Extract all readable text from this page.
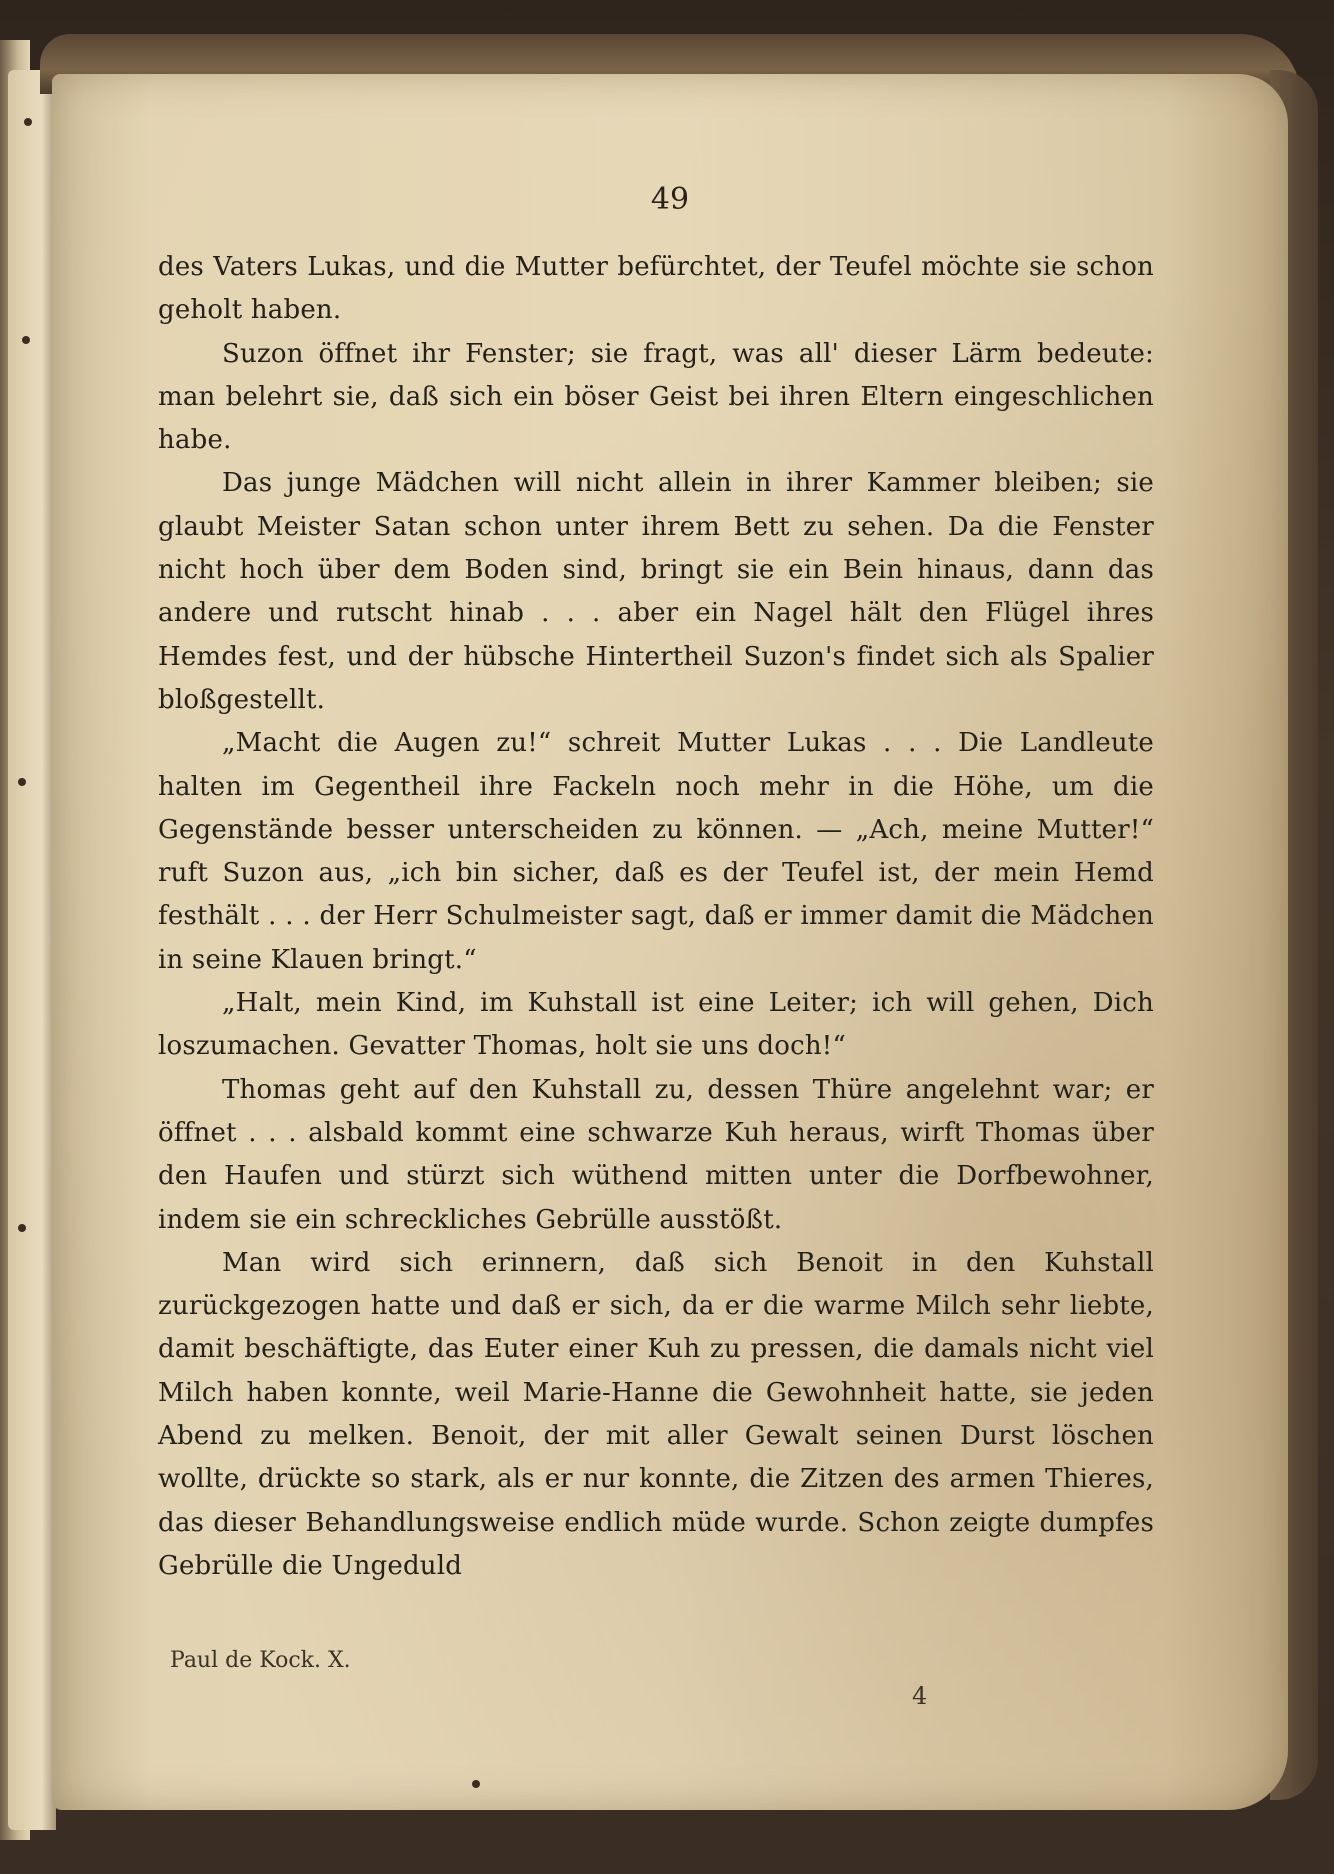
49

des Vaters Lukas, und die Mutter befürchtet, der Teufel möchte sie schon geholt haben.

Suzon öffnet ihr Fenster; sie fragt, was all' dieser Lärm bedeute: man belehrt sie, daß sich ein böser Geist bei ihren Eltern eingeschlichen habe.

Das junge Mädchen will nicht allein in ihrer Kammer bleiben; sie glaubt Meister Satan schon unter ihrem Bett zu sehen. Da die Fenster nicht hoch über dem Boden sind, bringt sie ein Bein hinaus, dann das andere und rutscht hinab . . . aber ein Nagel hält den Flügel ihres Hemdes fest, und der hübsche Hintertheil Suzon's findet sich als Spalier bloßgestellt.

„Macht die Augen zu!“ schreit Mutter Lukas . . . Die Landleute halten im Gegentheil ihre Fackeln noch mehr in die Höhe, um die Gegenstände besser unterscheiden zu können. — „Ach, meine Mutter!“ ruft Suzon aus, „ich bin sicher, daß es der Teufel ist, der mein Hemd festhält . . . der Herr Schulmeister sagt, daß er immer damit die Mädchen in seine Klauen bringt.“

„Halt, mein Kind, im Kuhstall ist eine Leiter; ich will gehen, Dich loszumachen. Gevatter Thomas, holt sie uns doch!“

Thomas geht auf den Kuhstall zu, dessen Thüre angelehnt war; er öffnet . . . alsbald kommt eine schwarze Kuh heraus, wirft Thomas über den Haufen und stürzt sich wüthend mitten unter die Dorfbewohner, indem sie ein schreckliches Gebrülle ausstößt.

Man wird sich erinnern, daß sich Benoit in den Kuhstall zurückgezogen hatte und daß er sich, da er die warme Milch sehr liebte, damit beschäftigte, das Euter einer Kuh zu pressen, die damals nicht viel Milch haben konnte, weil Marie-Hanne die Gewohnheit hatte, sie jeden Abend zu melken. Benoit, der mit aller Gewalt seinen Durst löschen wollte, drückte so stark, als er nur konnte, die Zitzen des armen Thieres, das dieser Behandlungsweise endlich müde wurde. Schon zeigte dumpfes Gebrülle die Ungeduld

Paul de Kock. X.
4
